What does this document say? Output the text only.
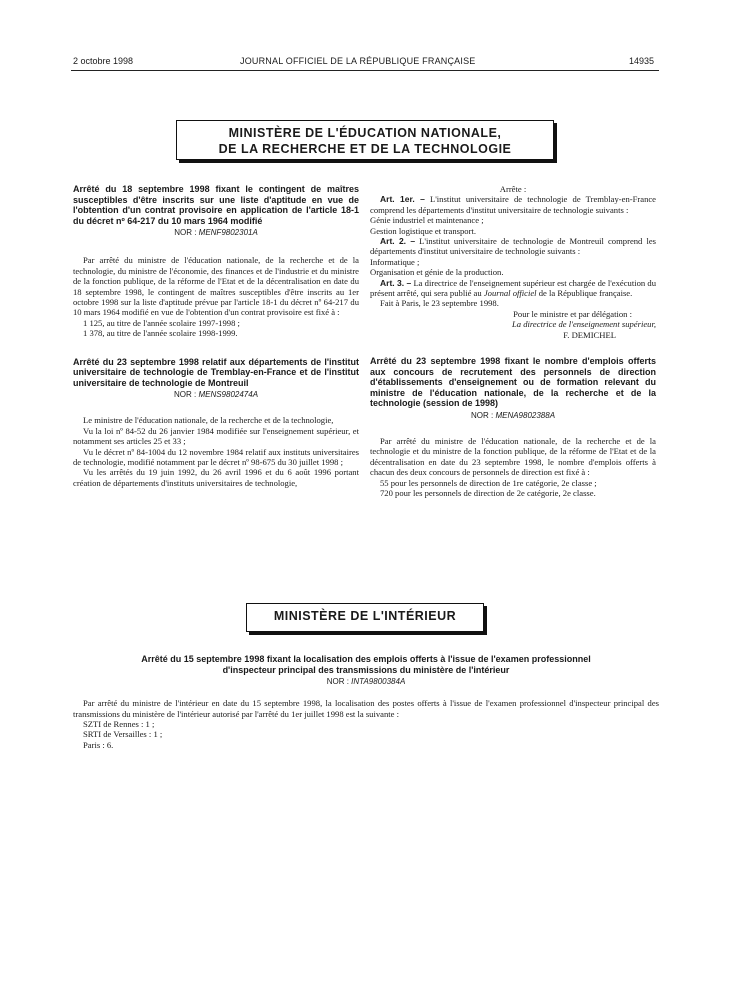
2 octobre 1998	JOURNAL OFFICIEL DE LA RÉPUBLIQUE FRANÇAISE	14935
MINISTÈRE DE L'ÉDUCATION NATIONALE,
DE LA RECHERCHE ET DE LA TECHNOLOGIE

Arrêté du 18 septembre 1998 fixant le contingent de maîtres susceptibles d'être inscrits sur une liste d'aptitude en vue de l'obtention d'un contrat provisoire en application de l'article 18-1 du décret nº 64-217 du 10 mars 1964 modifié

NOR : MENF9802301A

Par arrêté du ministre de l'éducation nationale, de la recherche et de la technologie, du ministre de l'économie, des finances et de l'industrie et du ministre de la fonction publique, de la réforme de l'Etat et de la décentralisation en date du 18 septembre 1998, le contingent de maîtres susceptibles d'être inscrits au 1er octobre 1998 sur la liste d'aptitude prévue par l'article 18-1 du décret nº 64-217 du 10 mars 1964 modifié en vue de l'obtention d'un contrat provisoire est fixé à :

1 125, au titre de l'année scolaire 1997-1998 ;

1 378, au titre de l'année scolaire 1998-1999.

Arrêté du 23 septembre 1998 relatif aux départements de l'institut universitaire de technologie de Tremblay-en-France et de l'institut universitaire de technologie de Montreuil

NOR : MENS9802474A

Le ministre de l'éducation nationale, de la recherche et de la technologie,

Vu la loi nº 84-52 du 26 janvier 1984 modifiée sur l'enseignement supérieur, et notamment ses articles 25 et 33 ;

Vu le décret nº 84-1004 du 12 novembre 1984 relatif aux instituts universitaires de technologie, modifié notamment par le décret nº 98-675 du 30 juillet 1998 ;

Vu les arrêtés du 19 juin 1992, du 26 avril 1996 et du 6 août 1996 portant création de départements d'instituts universitaires de technologie,

Arrête :

Art. 1er. – L'institut universitaire de technologie de Tremblay-en-France comprend les départements d'institut universitaire de technologie suivants :

Génie industriel et maintenance ;

Gestion logistique et transport.

Art. 2. – L'institut universitaire de technologie de Montreuil comprend les départements d'institut universitaire de technologie suivants :

Informatique ;

Organisation et génie de la production.

Art. 3. – La directrice de l'enseignement supérieur est chargée de l'exécution du présent arrêté, qui sera publié au Journal officiel de la République française.

Fait à Paris, le 23 septembre 1998.

Pour le ministre et par délégation :

La directrice de l'enseignement supérieur,

F. DEMICHEL

Arrêté du 23 septembre 1998 fixant le nombre d'emplois offerts aux concours de recrutement des personnels de direction d'établissements d'enseignement ou de formation relevant du ministre de l'éducation nationale, de la recherche et de la technologie (session de 1998)

NOR : MENA9802388A

Par arrêté du ministre de l'éducation nationale, de la recherche et de la technologie et du ministre de la fonction publique, de la réforme de l'Etat et de la décentralisation en date du 23 septembre 1998, le nombre d'emplois offerts à chacun des deux concours de personnels de direction est fixé à :

55 pour les personnels de direction de 1re catégorie, 2e classe ;

720 pour les personnels de direction de 2e catégorie, 2e classe.

MINISTÈRE DE L'INTÉRIEUR

Arrêté du 15 septembre 1998 fixant la localisation des emplois offerts à l'issue de l'examen professionnel

d'inspecteur principal des transmissions du ministère de l'intérieur

NOR : INTA9800384A

Par arrêté du ministre de l'intérieur en date du 15 septembre 1998, la localisation des postes offerts à l'issue de l'examen professionnel d'inspecteur principal des transmissions du ministère de l'intérieur autorisé par l'arrêté du 1er juillet 1998 est la suivante :

SZTI de Rennes : 1 ;

SRTI de Versailles : 1 ;

Paris : 6.
